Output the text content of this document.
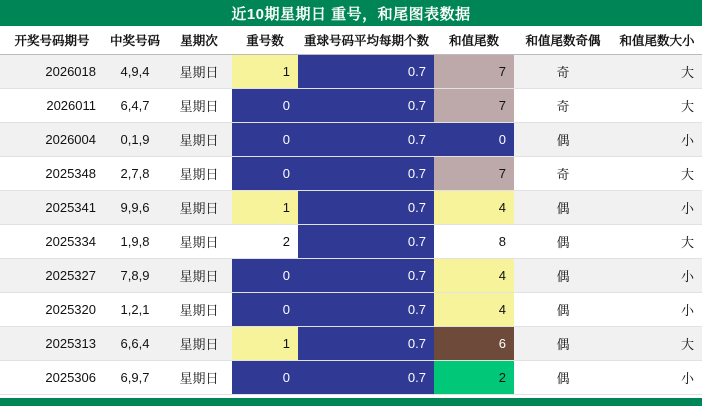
近10期星期日 重号，和尾图表数据
开奖号码期号	中奖号码	星期次	重号数	重球号码平均每期个数	和值尾数	和值尾数奇偶	和值尾数大小
2026018	4,9,4	星期日	1	0.7	7	奇	大
2026011	6,4,7	星期日	0	0.7	7	奇	大
2026004	0,1,9	星期日	0	0.7	0	偶	小
2025348	2,7,8	星期日	0	0.7	7	奇	大
2025341	9,9,6	星期日	1	0.7	4	偶	小
2025334	1,9,8	星期日	2	0.7	8	偶	大
2025327	7,8,9	星期日	0	0.7	4	偶	小
2025320	1,2,1	星期日	0	0.7	4	偶	小
2025313	6,6,4	星期日	1	0.7	6	偶	大
2025306	6,9,7	星期日	0	0.7	2	偶	小
